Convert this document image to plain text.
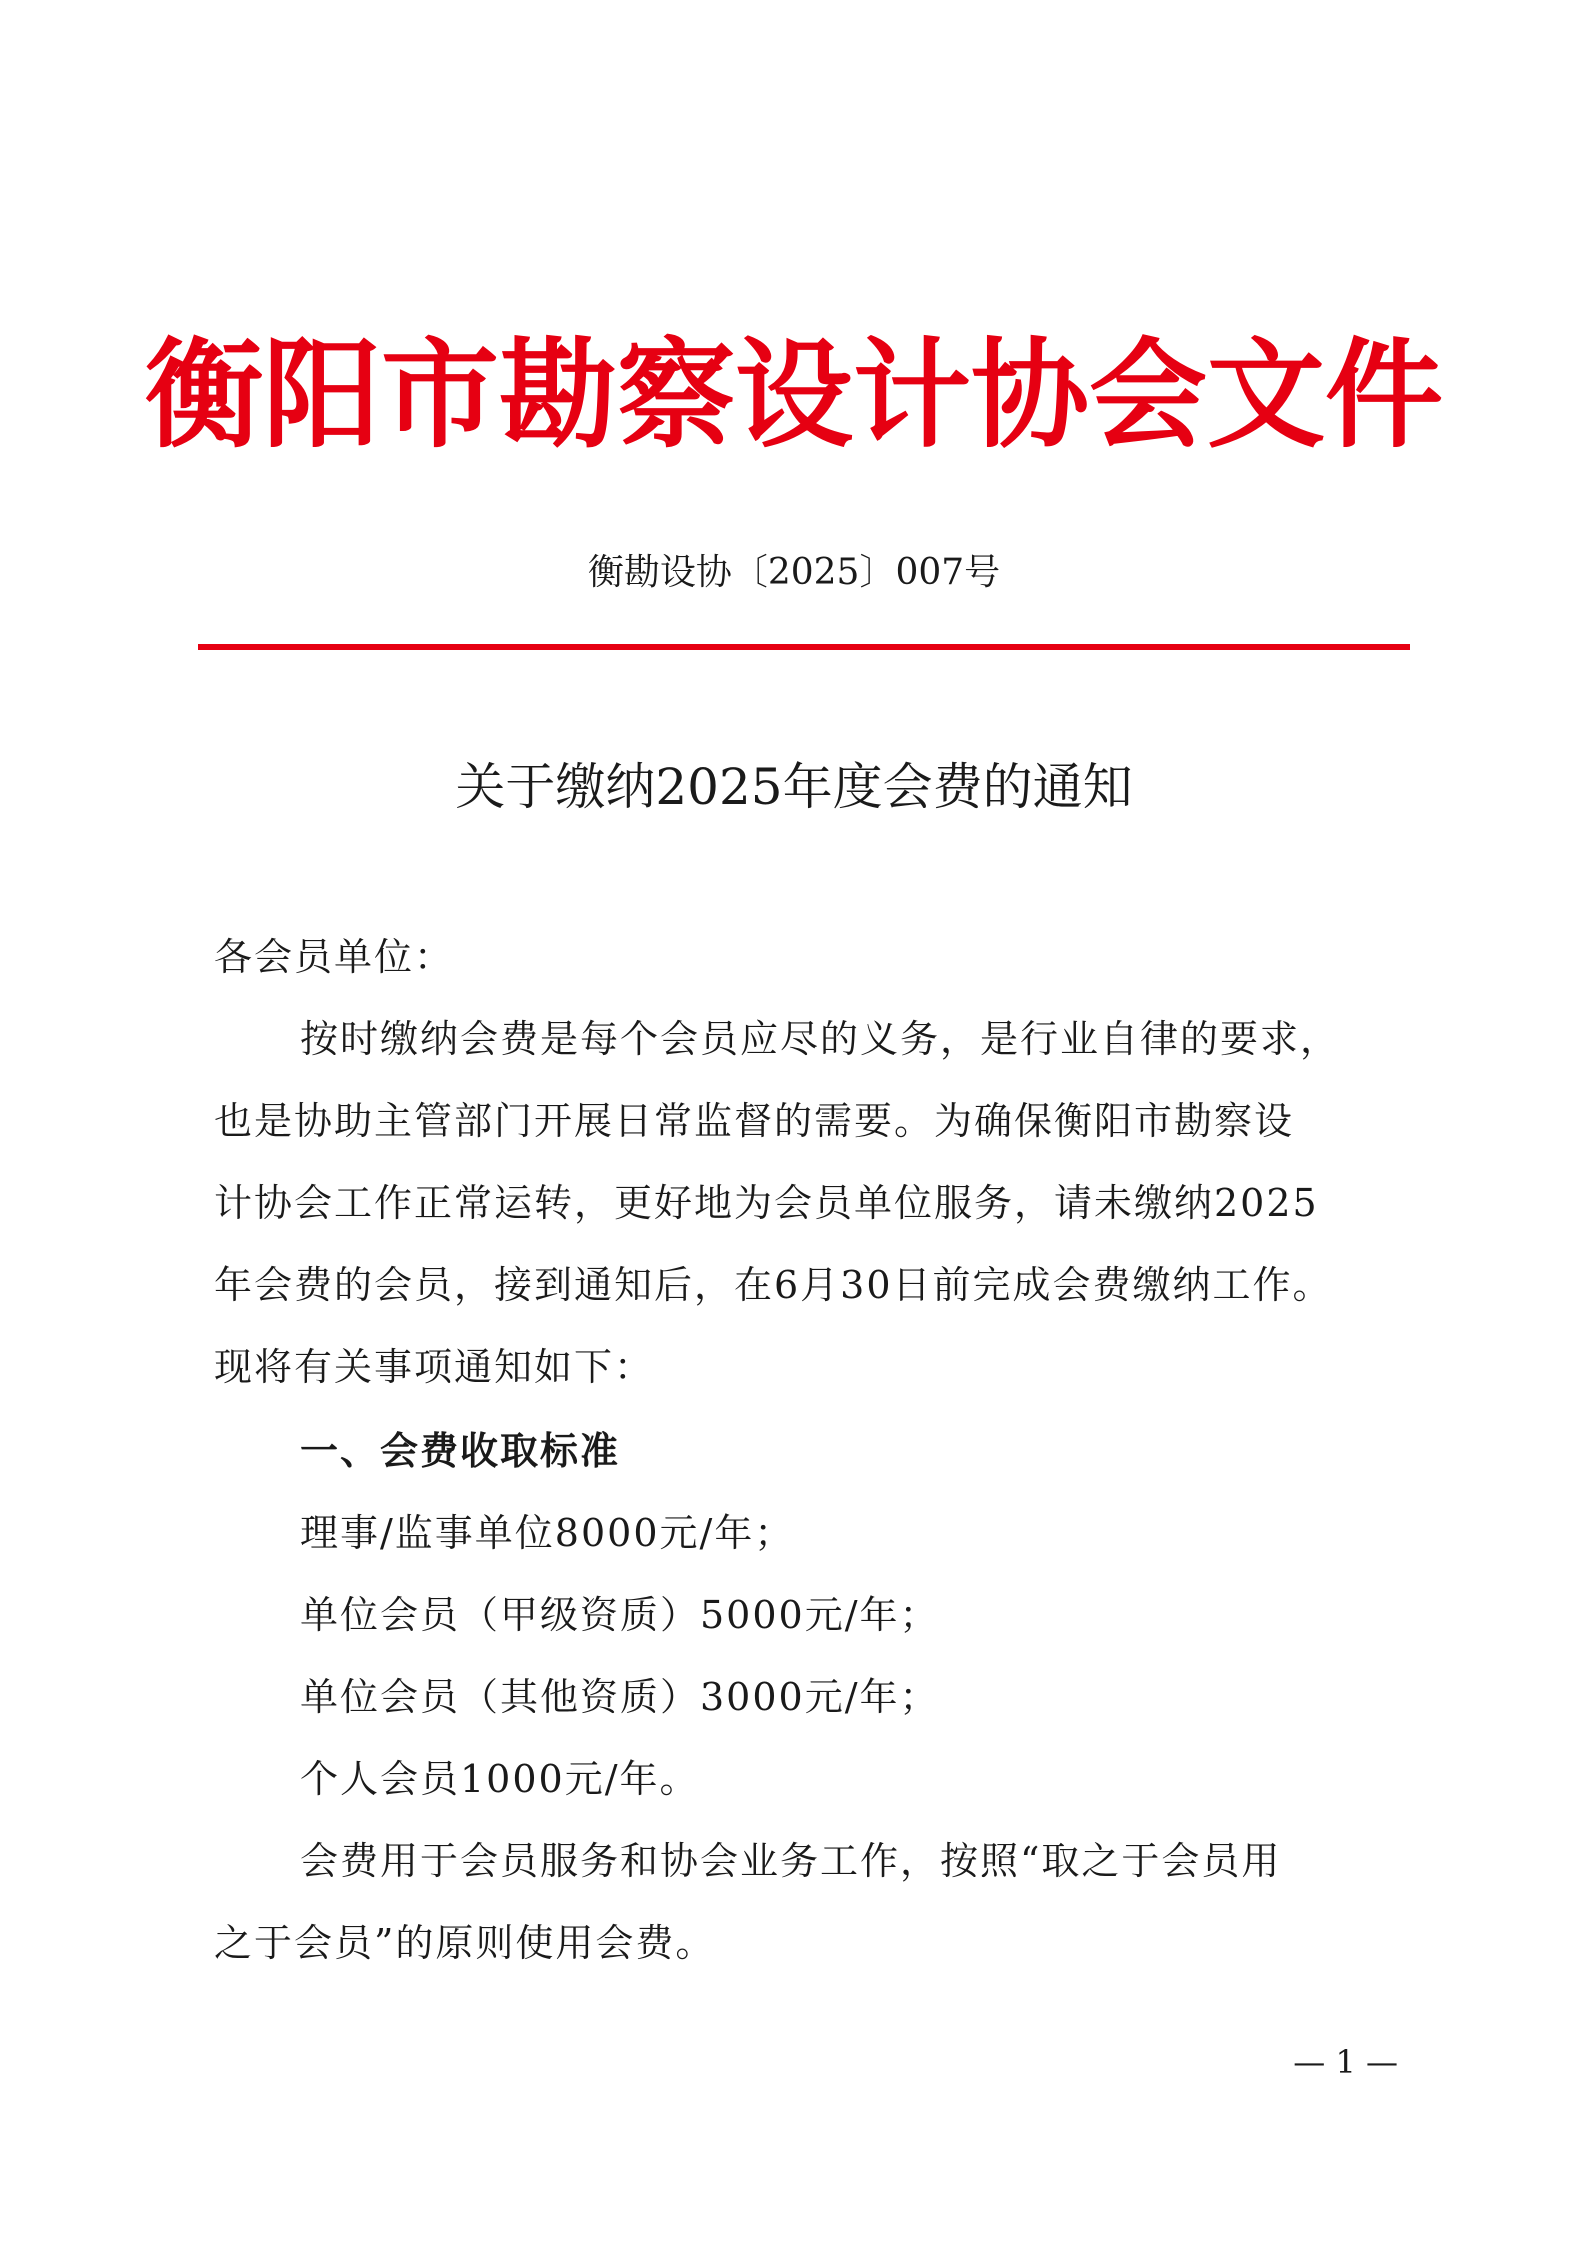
衡阳市勘察设计协会文件
衡勘设协〔2025〕007号
关于缴纳2025年度会费的通知
各会员单位：
按时缴纳会费是每个会员应尽的义务，是行业自律的要求，
也是协助主管部门开展日常监督的需要。为确保衡阳市勘察设
计协会工作正常运转，更好地为会员单位服务，请未缴纳2025
年会费的会员，接到通知后，在6月30日前完成会费缴纳工作。
现将有关事项通知如下：
一、会费收取标准
理事/监事单位8000元/年；
单位会员（甲级资质）5000元/年；
单位会员（其他资质）3000元/年；
个人会员1000元/年。
会费用于会员服务和协会业务工作，按照“取之于会员用
之于会员”的原则使用会费。
— 1 —
